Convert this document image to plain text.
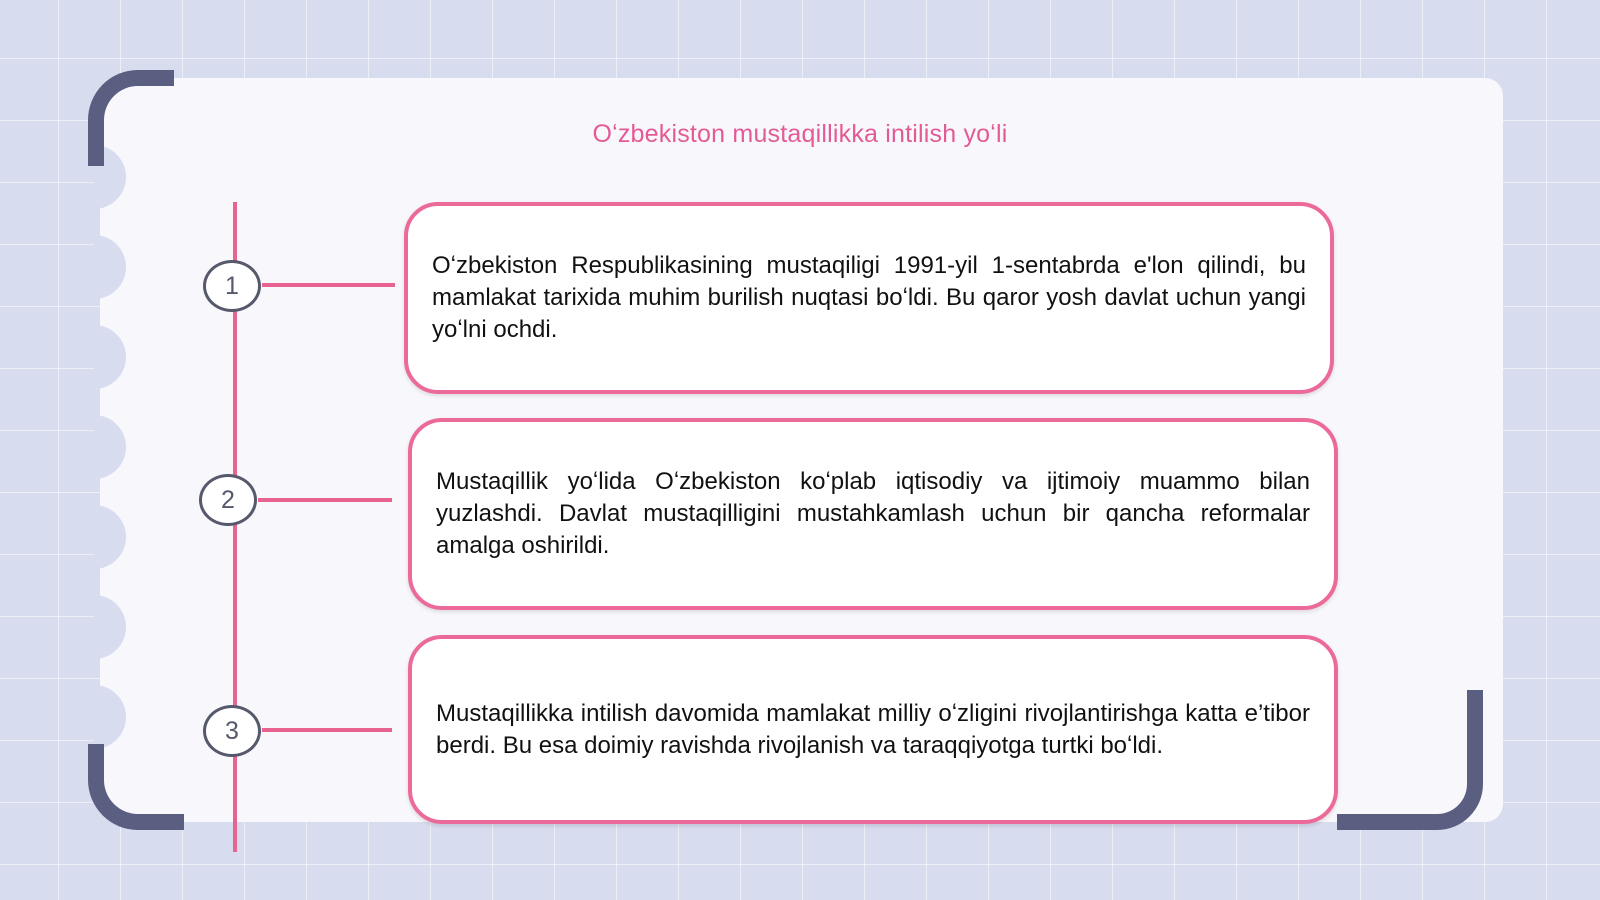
Oʻzbekiston mustaqillikka intilish yoʻli
1
2
3

Oʻzbekiston Respublikasining mustaqiligi 1991-yil 1-sentabrda e'lon qilindi, bu mamlakat tarixida muhim burilish nuqtasi boʻldi. Bu qaror yosh davlat uchun yangi yoʻlni ochdi.

Mustaqillik yoʻlida Oʻzbekiston koʻplab iqtisodiy va ijtimoiy muammo bilan yuzlashdi. Davlat mustaqilligini mustahkamlash uchun bir qancha reformalar amalga oshirildi.

Mustaqillikka intilish davomida mamlakat milliy oʻzligini rivojlantirishga katta e’tibor berdi. Bu esa doimiy ravishda rivojlanish va taraqqiyotga turtki boʻldi.
